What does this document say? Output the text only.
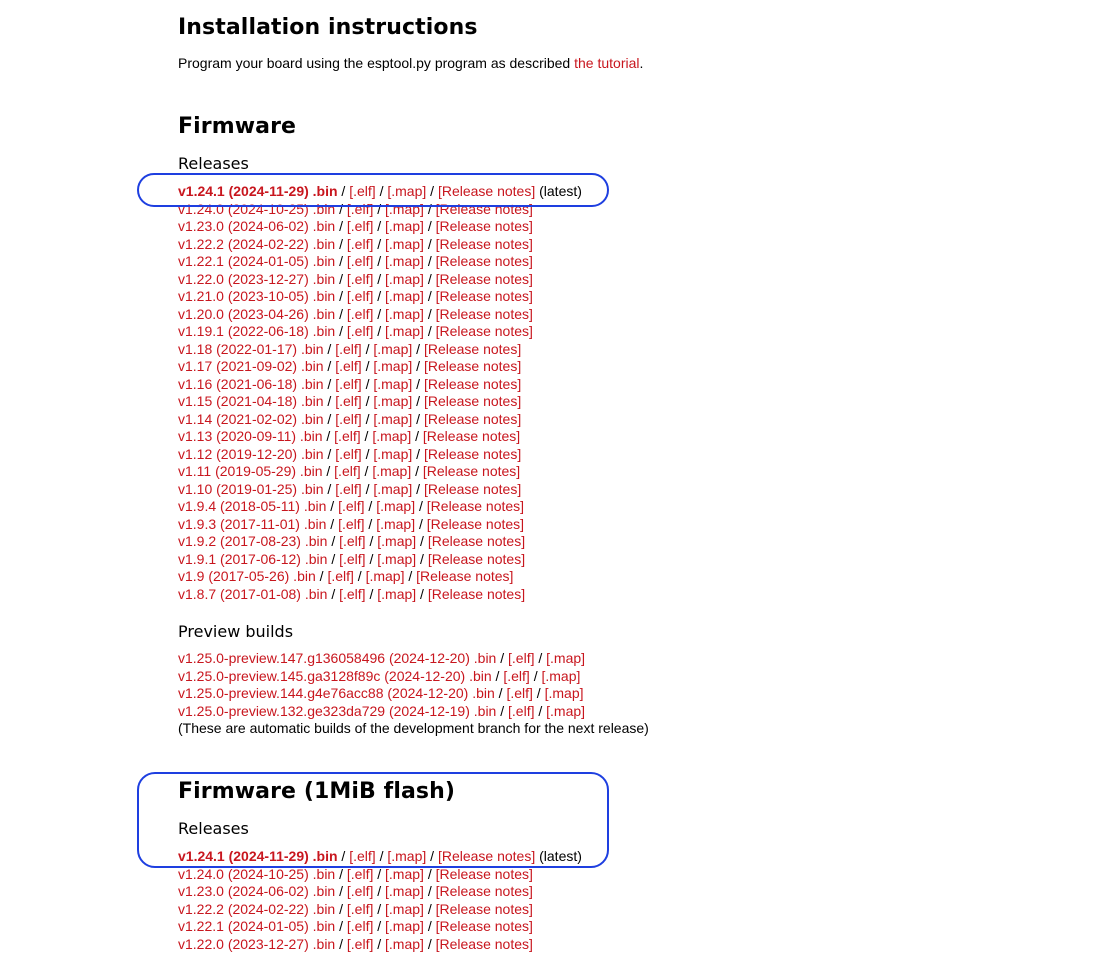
Installation instructions

Program your board using the esptool.py program as described the tutorial.

Firmware
Releases
v1.24.1 (2024-11-29) .bin / [.elf] / [.map] / [Release notes] (latest)
v1.24.0 (2024-10-25) .bin / [.elf] / [.map] / [Release notes]
v1.23.0 (2024-06-02) .bin / [.elf] / [.map] / [Release notes]
v1.22.2 (2024-02-22) .bin / [.elf] / [.map] / [Release notes]
v1.22.1 (2024-01-05) .bin / [.elf] / [.map] / [Release notes]
v1.22.0 (2023-12-27) .bin / [.elf] / [.map] / [Release notes]
v1.21.0 (2023-10-05) .bin / [.elf] / [.map] / [Release notes]
v1.20.0 (2023-04-26) .bin / [.elf] / [.map] / [Release notes]
v1.19.1 (2022-06-18) .bin / [.elf] / [.map] / [Release notes]
v1.18 (2022-01-17) .bin / [.elf] / [.map] / [Release notes]
v1.17 (2021-09-02) .bin / [.elf] / [.map] / [Release notes]
v1.16 (2021-06-18) .bin / [.elf] / [.map] / [Release notes]
v1.15 (2021-04-18) .bin / [.elf] / [.map] / [Release notes]
v1.14 (2021-02-02) .bin / [.elf] / [.map] / [Release notes]
v1.13 (2020-09-11) .bin / [.elf] / [.map] / [Release notes]
v1.12 (2019-12-20) .bin / [.elf] / [.map] / [Release notes]
v1.11 (2019-05-29) .bin / [.elf] / [.map] / [Release notes]
v1.10 (2019-01-25) .bin / [.elf] / [.map] / [Release notes]
v1.9.4 (2018-05-11) .bin / [.elf] / [.map] / [Release notes]
v1.9.3 (2017-11-01) .bin / [.elf] / [.map] / [Release notes]
v1.9.2 (2017-08-23) .bin / [.elf] / [.map] / [Release notes]
v1.9.1 (2017-06-12) .bin / [.elf] / [.map] / [Release notes]
v1.9 (2017-05-26) .bin / [.elf] / [.map] / [Release notes]
v1.8.7 (2017-01-08) .bin / [.elf] / [.map] / [Release notes]
Preview builds
v1.25.0-preview.147.g136058496 (2024-12-20) .bin / [.elf] / [.map]
v1.25.0-preview.145.ga3128f89c (2024-12-20) .bin / [.elf] / [.map]
v1.25.0-preview.144.g4e76acc88 (2024-12-20) .bin / [.elf] / [.map]
v1.25.0-preview.132.ge323da729 (2024-12-19) .bin / [.elf] / [.map]
(These are automatic builds of the development branch for the next release)
Firmware (1MiB flash)
Releases
v1.24.1 (2024-11-29) .bin / [.elf] / [.map] / [Release notes] (latest)
v1.24.0 (2024-10-25) .bin / [.elf] / [.map] / [Release notes]
v1.23.0 (2024-06-02) .bin / [.elf] / [.map] / [Release notes]
v1.22.2 (2024-02-22) .bin / [.elf] / [.map] / [Release notes]
v1.22.1 (2024-01-05) .bin / [.elf] / [.map] / [Release notes]
v1.22.0 (2023-12-27) .bin / [.elf] / [.map] / [Release notes]
